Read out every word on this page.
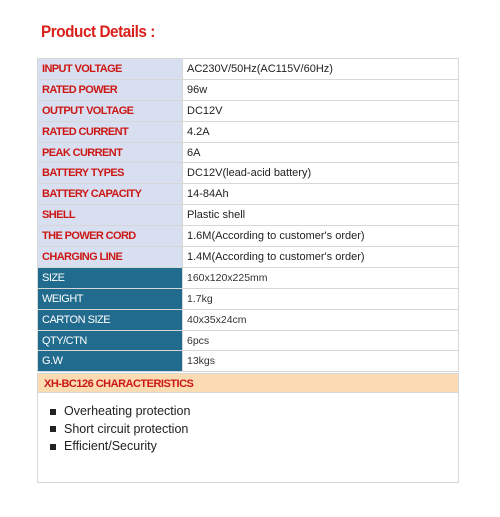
Product Details :
INPUT VOLTAGE	AC230V/50Hz(AC115V/60Hz)
RATED POWER	96w
OUTPUT VOLTAGE	DC12V
RATED CURRENT	4.2A
PEAK CURRENT	6A
BATTERY TYPES	DC12V(lead-acid battery)
BATTERY CAPACITY	14-84Ah
SHELL	Plastic shell
THE POWER CORD	1.6M(According to customer's order)
CHARGING LINE	1.4M(According to customer's order)
SIZE	160x120x225mm
WEIGHT	1.7kg
CARTON SIZE	40x35x24cm
QTY/CTN	6pcs
G.W	13kgs
XH-BC126 CHARACTERISTICS
Overheating protection
Short circuit protection
Efficient/Security
